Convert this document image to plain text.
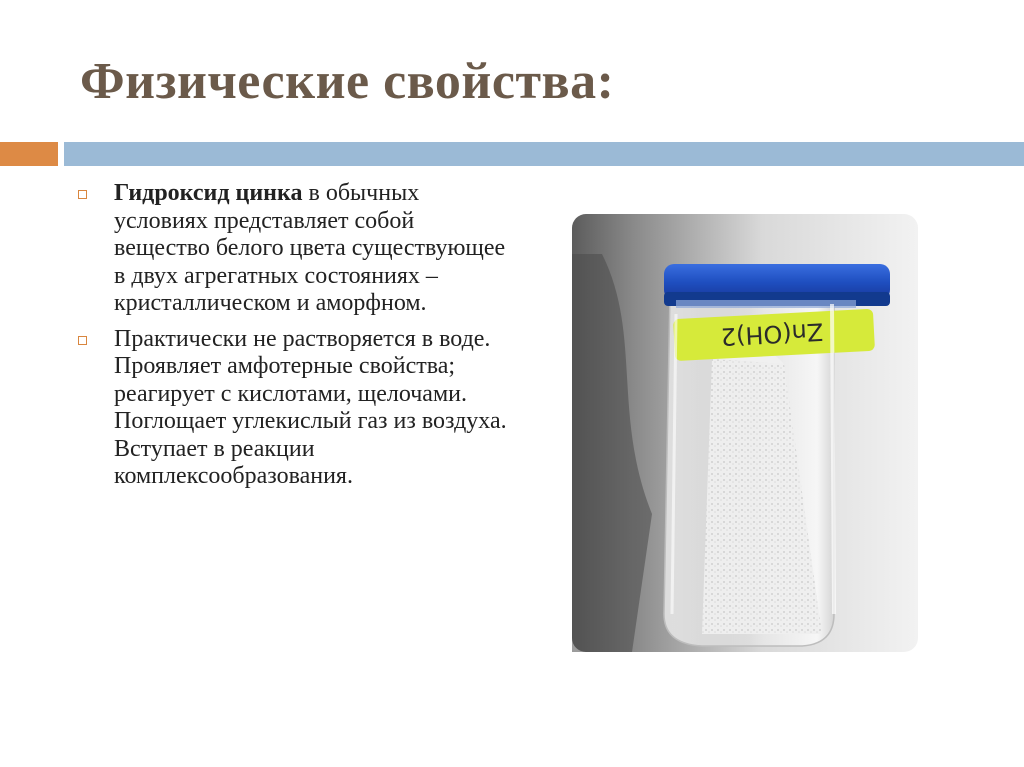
Физические свойства:
Гидроксид цинка в обычных условиях представляет собой вещество белого цвета существующее в двух агрегатных состояниях – кристаллическом и аморфном.
Практически не растворяется в воде. Проявляет амфотерные свойства; реагирует с кислотами, щелочами. Поглощает углекислый газ из воздуха. Вступает в реакции комплексообразования.
Zn(OH)2
